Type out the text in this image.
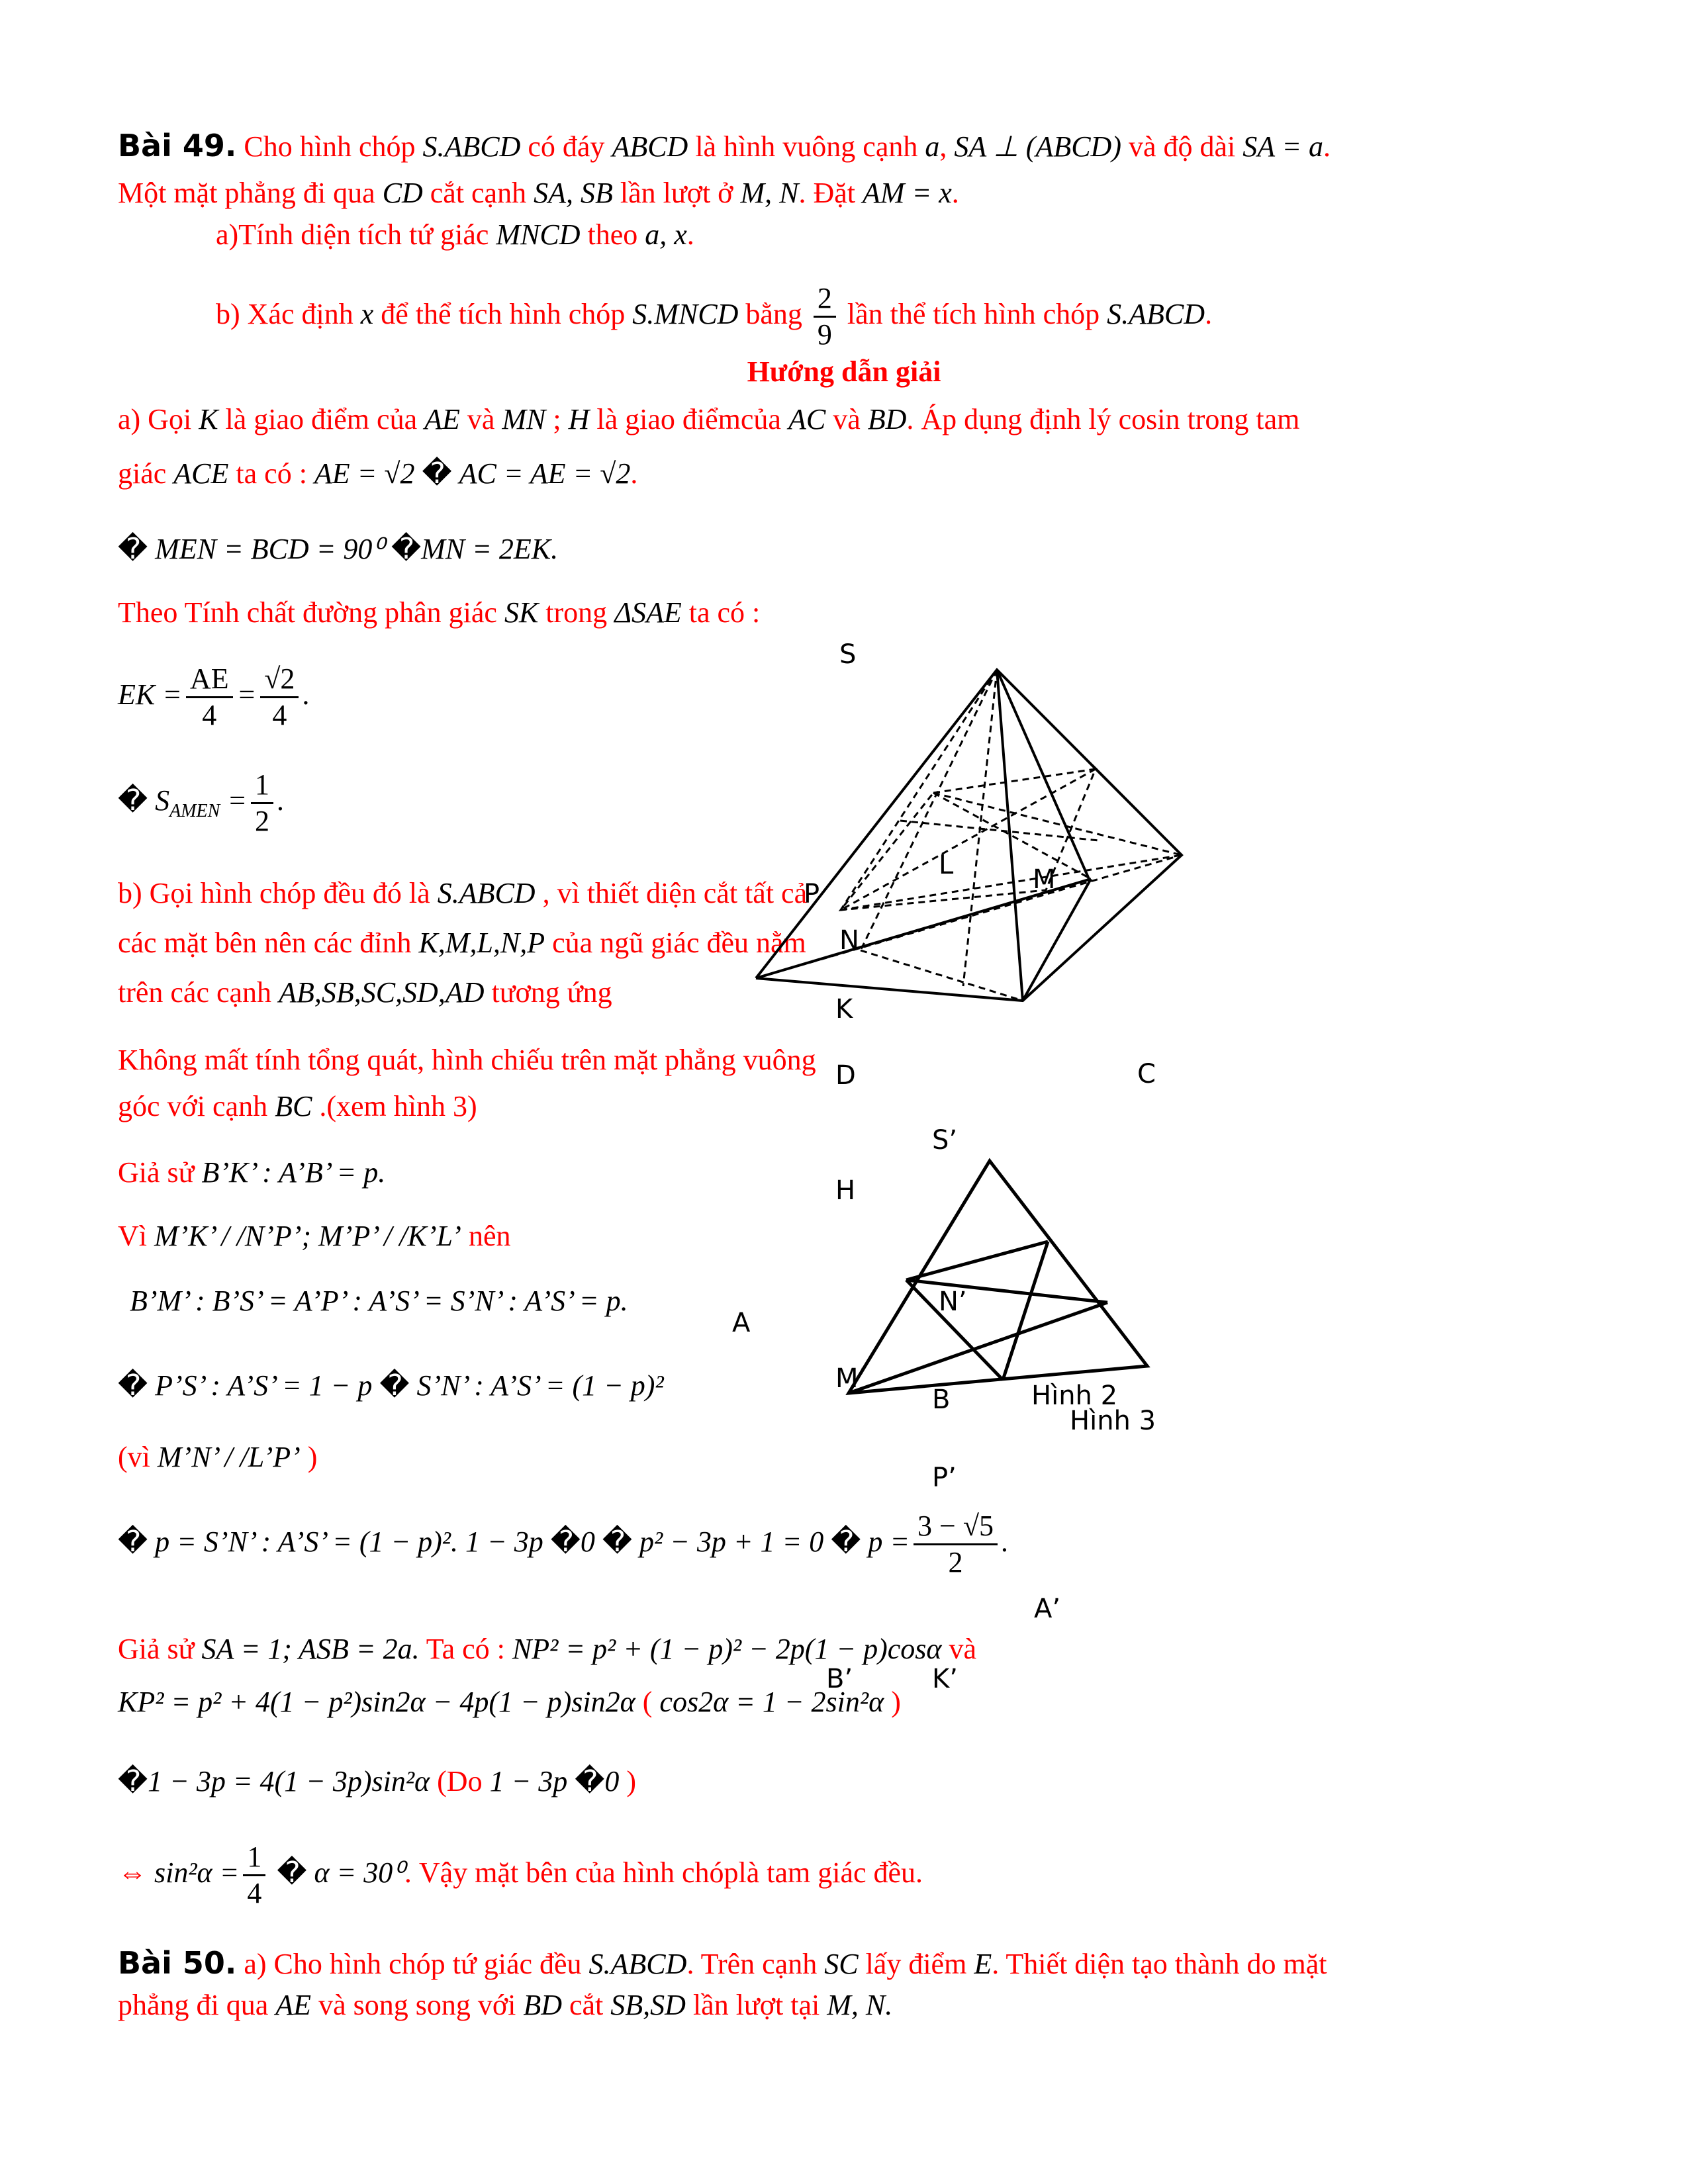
Bài 49. Cho hình chóp S.ABCD có đáy ABCD là hình vuông cạnh a, SA ⊥ (ABCD) và độ dài SA = a.
Một mặt phẳng đi qua CD cắt cạnh SA, SB lần lượt ở M, N. Đặt AM = x.
a)Tính diện tích tứ giác MNCD theo a, x.
b) Xác định x để thể tích hình chóp S.MNCD bằng $\frac{2}{9}$ lần thể tích hình chóp S.ABCD.
Hướng dẫn giải
a) Gọi K là giao điểm của AE và MN ; H là giao điểmcủa AC và BD. Áp dụng định lý cosin trong tam
giác ACE ta có : AE = √2 � AC = AE = √2.
� MEN = BCD = 90⁰ �MN = 2EK.
Theo Tính chất đường phân giác SK trong ΔSAE ta có :
EK = $\frac{AE}{4} = \frac{√2}{4}$ .
� $S_{AMEN} = \frac{1}{2}$ .
b) Gọi hình chóp đều đó là S.ABCD , vì thiết diện cắt tất cả
các mặt bên nên các đỉnh K,M,L,N,P của ngũ giác đều nằm
trên các cạnh AB,SB,SC,SD,AD tương ứng
Không mất tính tổng quát, hình chiếu trên mặt phẳng vuông
góc với cạnh BC .(xem hình 3)
Giả sử B’K’ : A’B’ = p.
Vì M’K’ / /N’P’; M’P’ / /K’L’ nên
B’M’ : B’S’ = A’P’ : A’S’ = S’N’ : A’S’ = p.
� P’S’ : A’S’ = 1 − p � S’N’ : A’S’ = (1 − p)²
(vì M’N’ / /L’P’ )
� p = S’N’ : A’S’ = (1 − p)². 1 − 3p �0 � p² − 3p + 1 = 0 � $p = \frac{3 - √5}{2}$ .
Giả sử SA = 1; ASB = 2a. Ta có : NP² = p² + (1 − p)² − 2p(1 − p)cosα và
KP² = p² + 4(1 − p²)sin2α − 4p(1 − p)sin2α ( cos2α = 1 − 2sin²α )
�1 − 3p = 4(1 − 3p)sin²α (Do 1 − 3p �0 )
⇔ $\sin^2\alpha = \frac{1}{4}$ � α = 30⁰. Vậy mặt bên của hình chóplà tam giác đều.
Bài 50. a) Cho hình chóp tứ giác đều S.ABCD. Trên cạnh SC lấy điểm E. Thiết diện tạo thành do mặt
phẳng đi qua AE và song song với BD cắt SB,SD lần lượt tại M, N.
S
P
L	M
N
K
C
D
H
A
B	Hình 2
Hình 3
S’
N’
M’
P’
A’
B’	K’
